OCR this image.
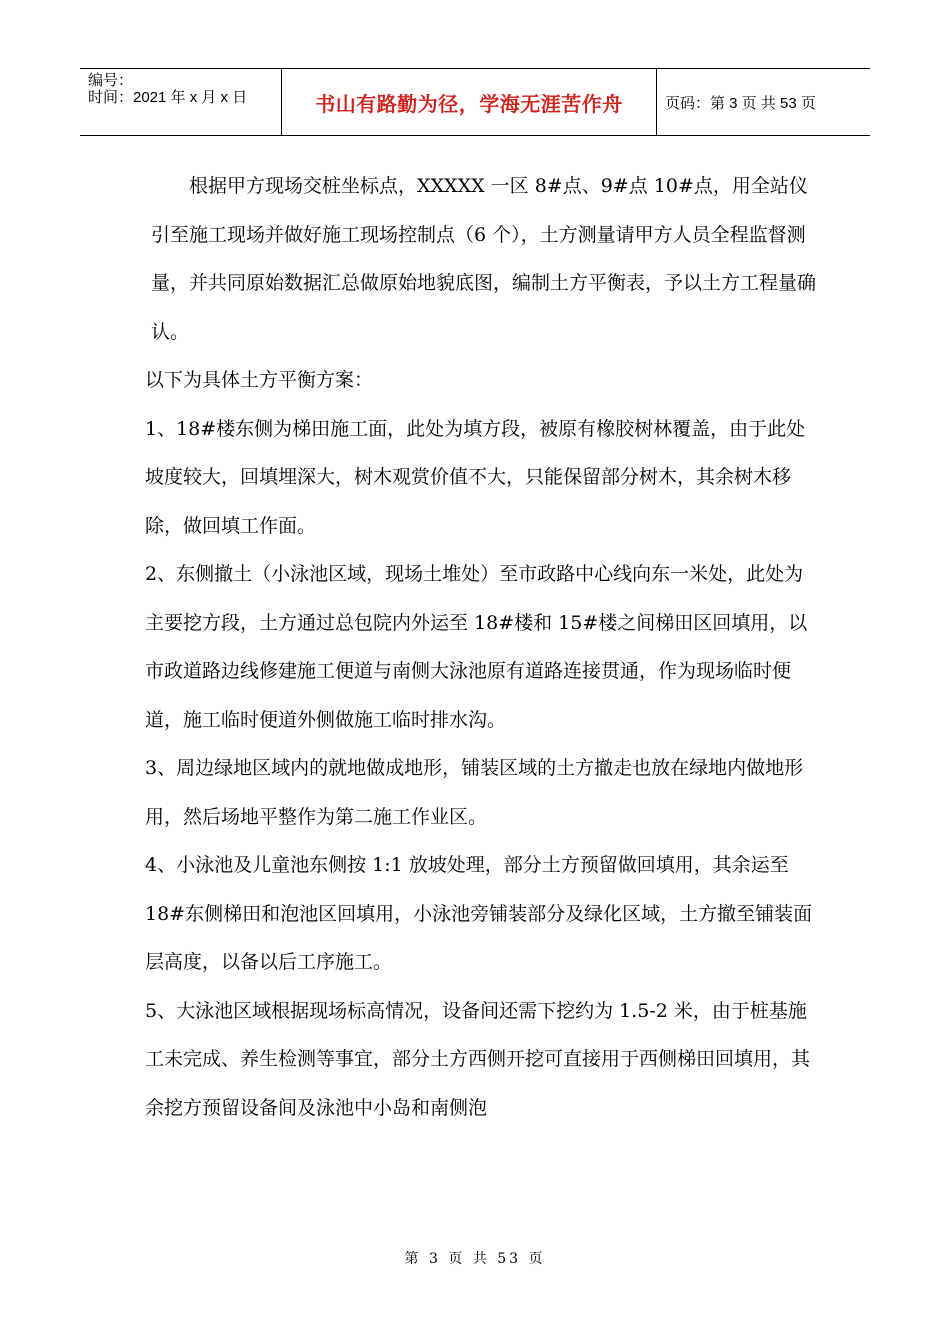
编号：
时间：2021 年 x 月 x 日	书山有路勤为径，学海无涯苦作舟	页码：第 3 页 共 53 页

根据甲方现场交桩坐标点，XXXXX 一区 8#点、9#点 10#点，用全站仪引至施工现场并做好施工现场控制点（6 个），土方测量请甲方人员全程监督测量，并共同原始数据汇总做原始地貌底图，编制土方平衡表，予以土方工程量确认。

以下为具体土方平衡方案：

1、18#楼东侧为梯田施工面，此处为填方段，被原有橡胶树林覆盖，由于此处坡度较大，回填埋深大，树木观赏价值不大，只能保留部分树木，其余树木移除，做回填工作面。

2、东侧撤土（小泳池区域，现场土堆处）至市政路中心线向东一米处，此处为主要挖方段，土方通过总包院内外运至 18#楼和 15#楼之间梯田区回填用，以市政道路边线修建施工便道与南侧大泳池原有道路连接贯通，作为现场临时便道，施工临时便道外侧做施工临时排水沟。

3、周边绿地区域内的就地做成地形，铺装区域的土方撤走也放在绿地内做地形用，然后场地平整作为第二施工作业区。

4、小泳池及儿童池东侧按 1:1 放坡处理，部分土方预留做回填用，其余运至 18#东侧梯田和泡池区回填用，小泳池旁铺装部分及绿化区域，土方撤至铺装面层高度，以备以后工序施工。

5、大泳池区域根据现场标高情况，设备间还需下挖约为 1.5-2 米，由于桩基施工未完成、养生检测等事宜，部分土方西侧开挖可直接用于西侧梯田回填用，其余挖方预留设备间及泳池中小岛和南侧泡

第 3 页 共 53 页
